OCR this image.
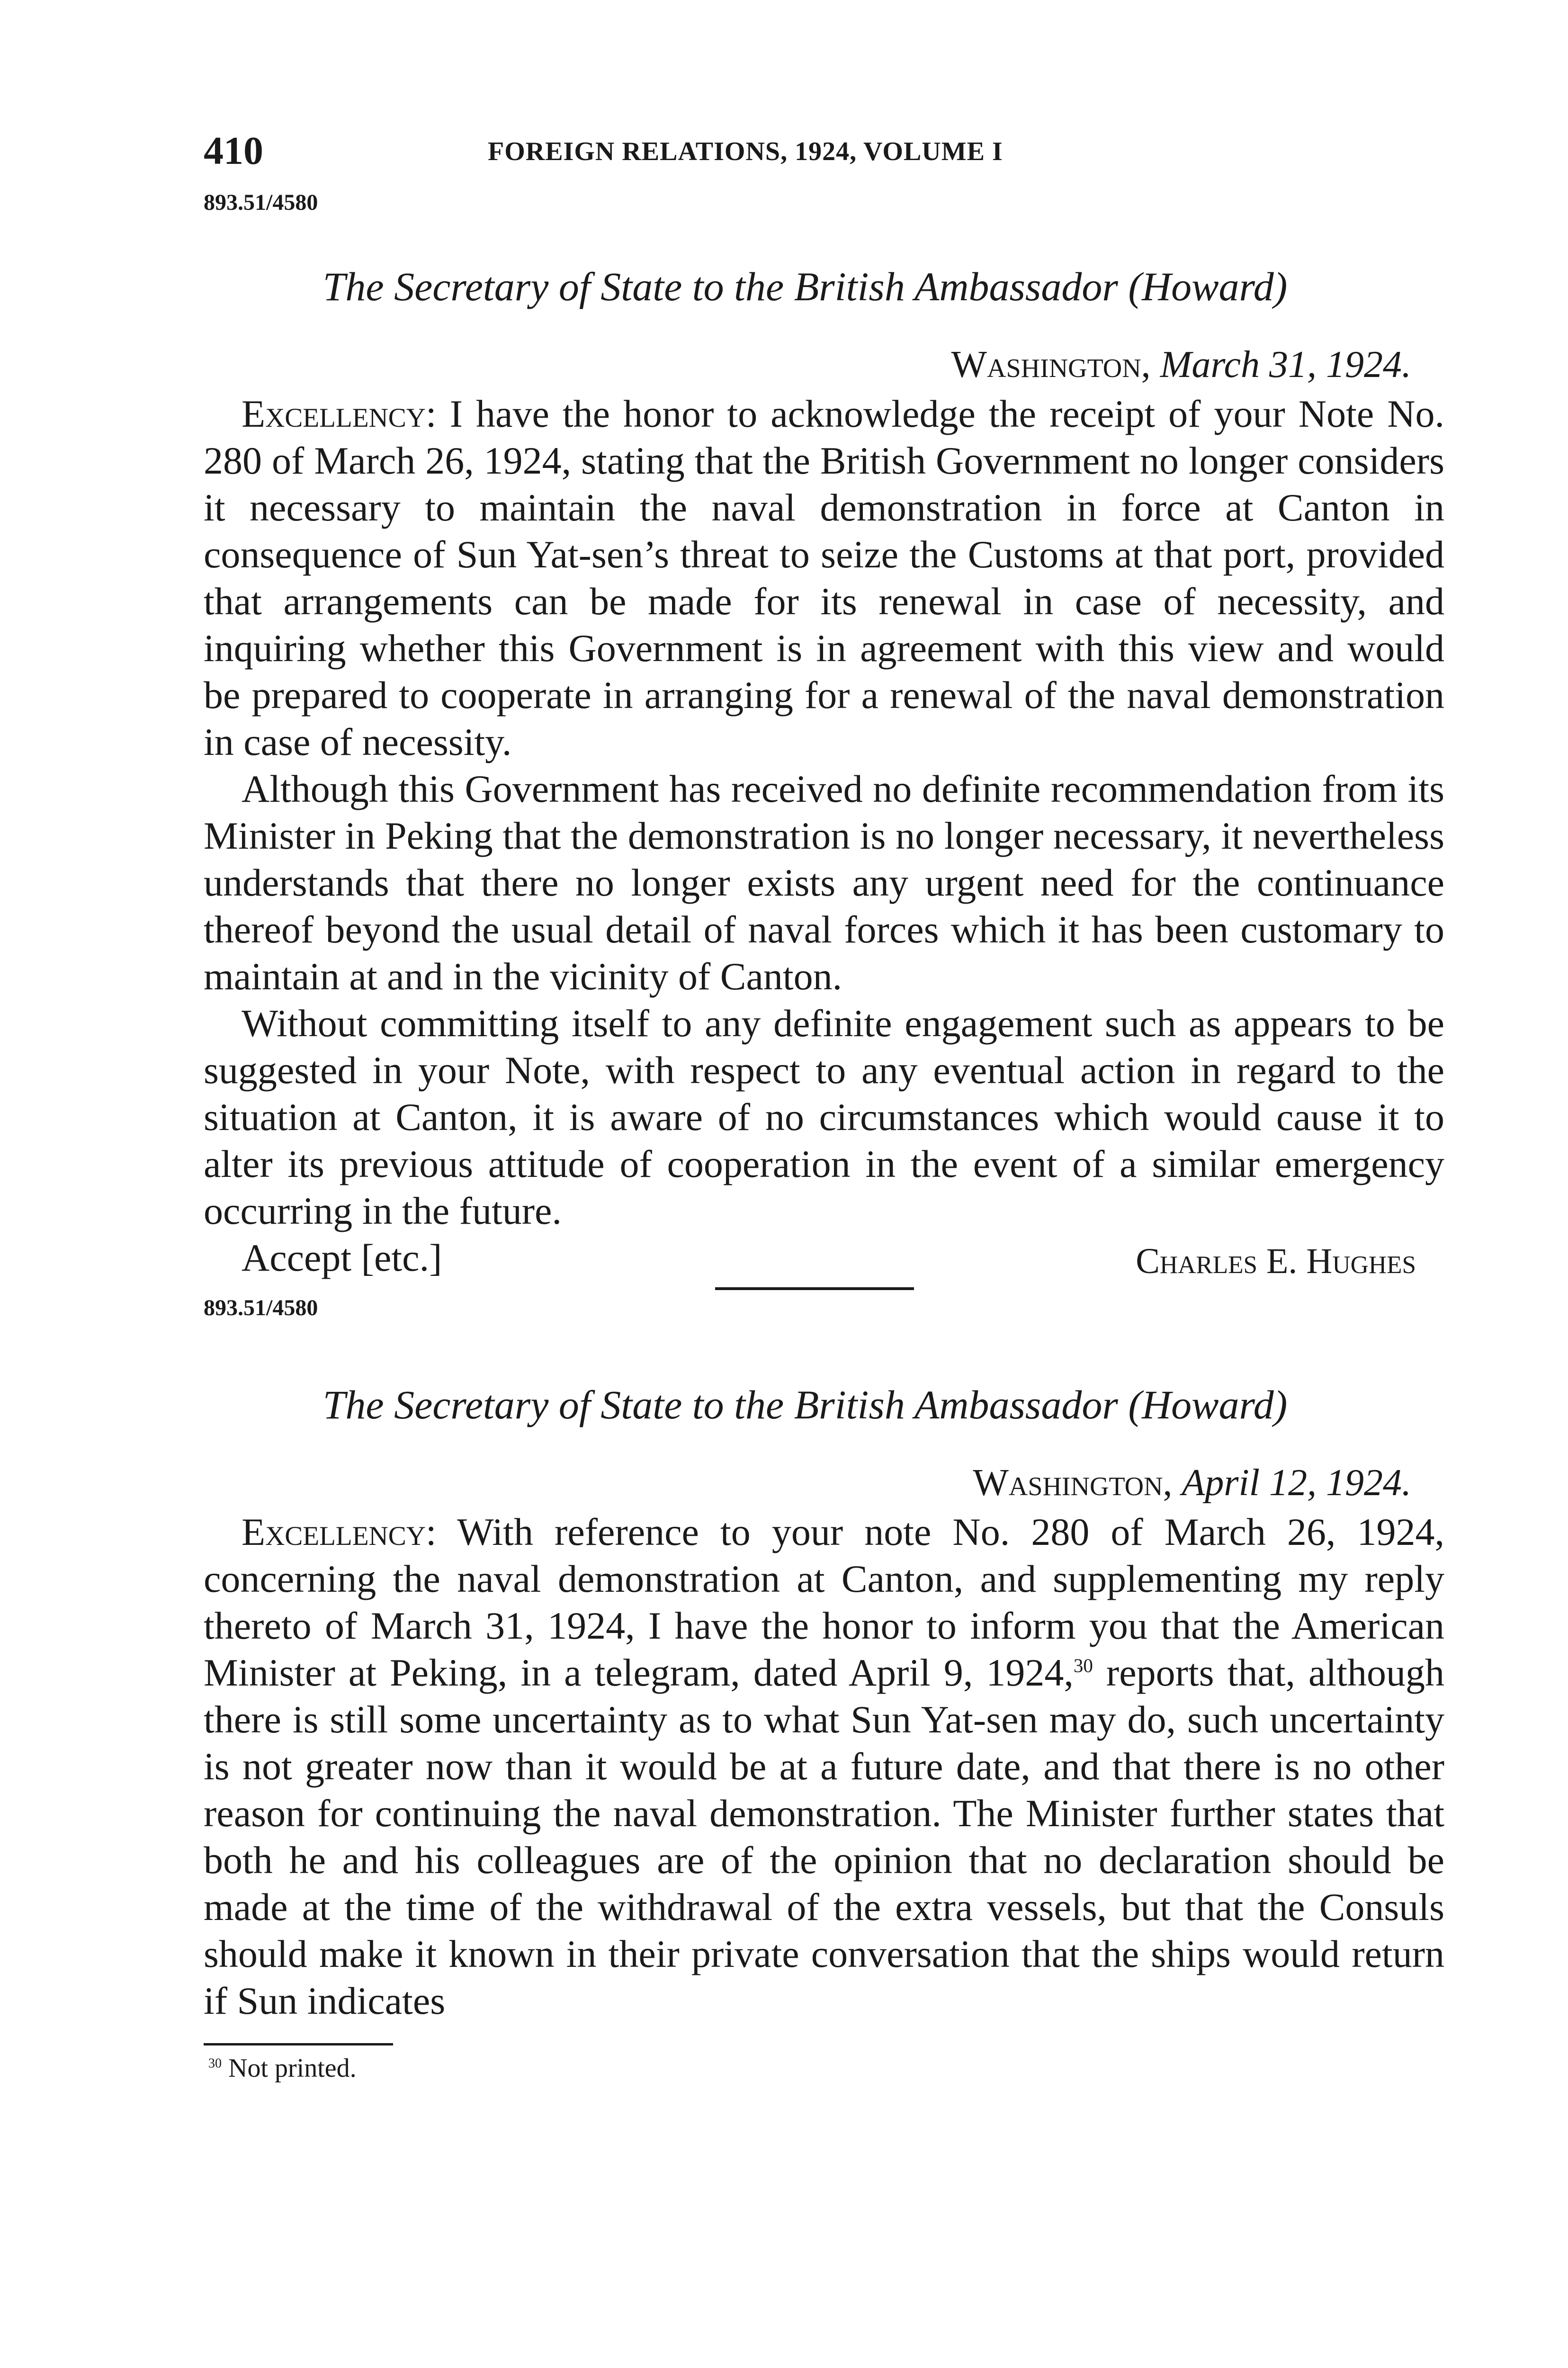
410	FOREIGN RELATIONS, 1924, VOLUME I
893.51/4580
The Secretary of State to the British Ambassador (Howard)
Washington, March 31, 1924.

Excellency: I have the honor to acknowledge the receipt of your Note No. 280 of March 26, 1924, stating that the British Government no longer considers it necessary to maintain the naval demonstration in force at Canton in consequence of Sun Yat-sen’s threat to seize the Customs at that port, provided that arrangements can be made for its renewal in case of necessity, and inquiring whether this Government is in agreement with this view and would be prepared to cooperate in arranging for a renewal of the naval demonstration in case of necessity.

Although this Government has received no definite recommendation from its Minister in Peking that the demonstration is no longer necessary, it nevertheless understands that there no longer exists any urgent need for the continuance thereof beyond the usual detail of naval forces which it has been customary to maintain at and in the vicinity of Canton.

Without committing itself to any definite engagement such as appears to be suggested in your Note, with respect to any eventual action in regard to the situation at Canton, it is aware of no circumstances which would cause it to alter its previous attitude of cooperation in the event of a similar emergency occurring in the future.

Accept [etc.]	Charles E. Hughes
893.51/4580
The Secretary of State to the British Ambassador (Howard)
Washington, April 12, 1924.

Excellency: With reference to your note No. 280 of March 26, 1924, concerning the naval demonstration at Canton, and supplementing my reply thereto of March 31, 1924, I have the honor to inform you that the American Minister at Peking, in a telegram, dated April 9, 1924,30 reports that, although there is still some uncertainty as to what Sun Yat-sen may do, such uncertainty is not greater now than it would be at a future date, and that there is no other reason for continuing the naval demonstration. The Minister further states that both he and his colleagues are of the opinion that no declaration should be made at the time of the withdrawal of the extra vessels, but that the Consuls should make it known in their private conversation that the ships would return if Sun indicates

$^{30}$ Not printed.
